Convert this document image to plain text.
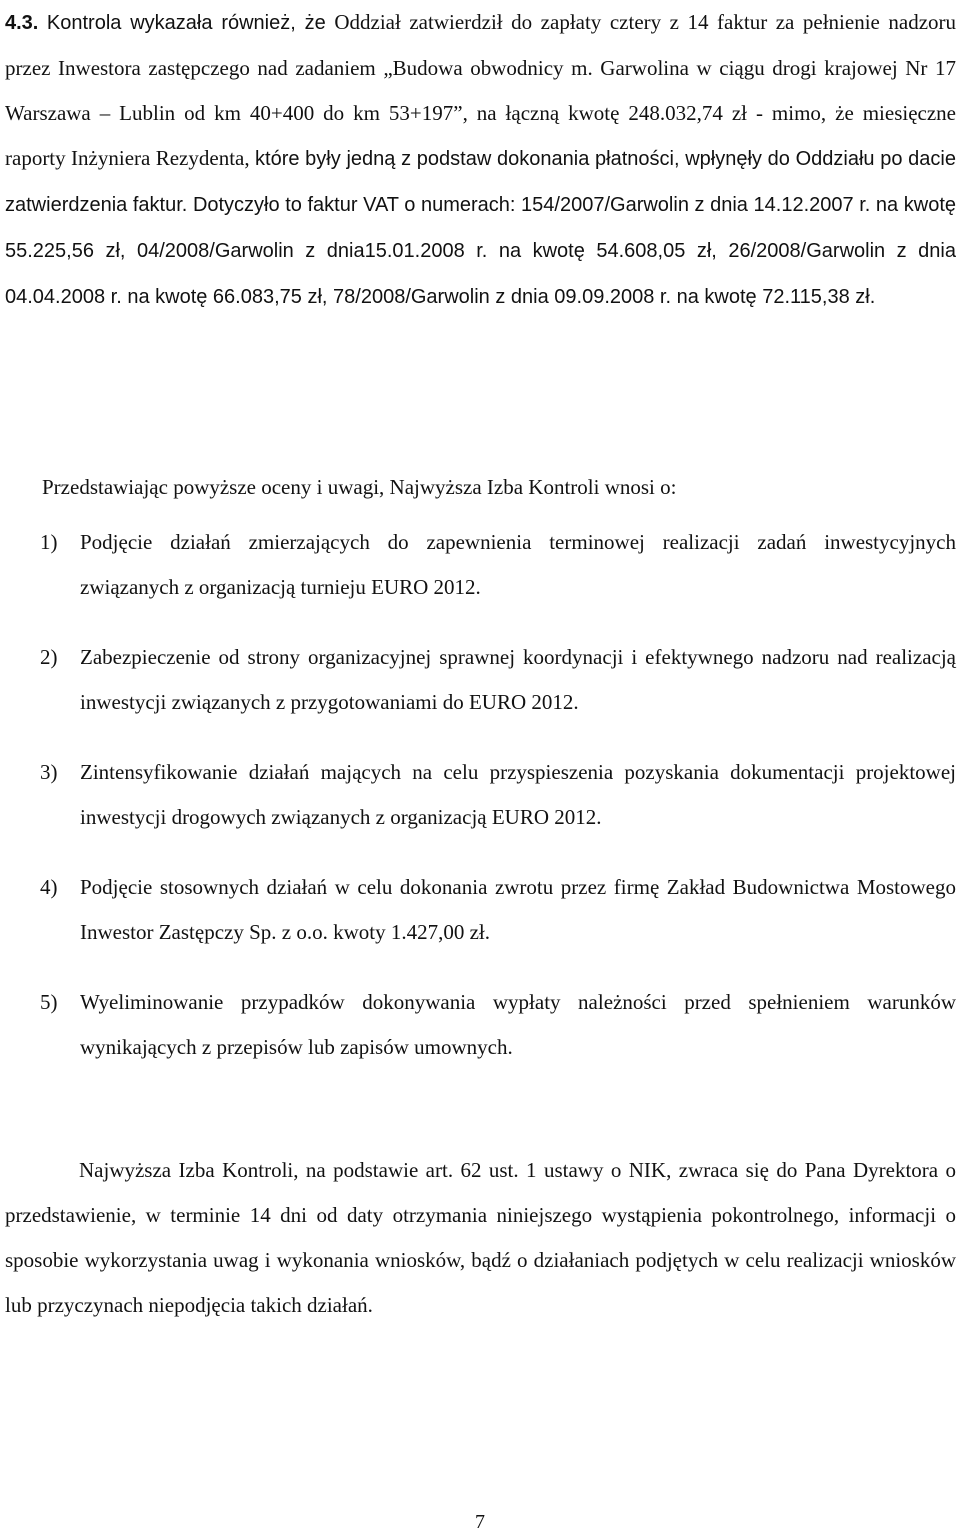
4.3. Kontrola wykazała również, że Oddział zatwierdził do zapłaty cztery z 14 faktur za pełnienie nadzoru przez Inwestora zastępczego nad zadaniem „Budowa obwodnicy m. Garwolina w ciągu drogi krajowej Nr 17 Warszawa – Lublin od km 40+400 do km 53+197”, na łączną kwotę 248.032,74 zł - mimo, że miesięczne raporty Inżyniera Rezydenta, które były jedną z podstaw dokonania płatności, wpłynęły do Oddziału po dacie zatwierdzenia faktur. Dotyczyło to faktur VAT o numerach: 154/2007/Garwolin z dnia 14.12.2007 r. na kwotę 55.225,56 zł, 04/2008/Garwolin z dnia15.01.2008 r. na kwotę 54.608,05 zł, 26/2008/Garwolin z dnia 04.04.2008 r. na kwotę 66.083,75 zł, 78/2008/Garwolin z dnia 09.09.2008 r. na kwotę 72.115,38 zł.

Przedstawiając powyższe oceny i uwagi, Najwyższa Izba Kontroli wnosi o:

1)	Podjęcie działań zmierzających do zapewnienia terminowej realizacji zadań inwestycyjnych związanych z organizacją turnieju EURO 2012.
2)	Zabezpieczenie od strony organizacyjnej sprawnej koordynacji i efektywnego nadzoru nad realizacją inwestycji związanych z przygotowaniami do EURO 2012.
3)	Zintensyfikowanie działań mających na celu przyspieszenia pozyskania dokumentacji projektowej inwestycji drogowych związanych z organizacją EURO 2012.
4)	Podjęcie stosownych działań w celu dokonania zwrotu przez firmę Zakład Budownictwa Mostowego Inwestor Zastępczy Sp. z o.o. kwoty 1.427,00 zł.
5)	Wyeliminowanie przypadków dokonywania wypłaty należności przed spełnieniem warunków wynikających z przepisów lub zapisów umownych.

Najwyższa Izba Kontroli, na podstawie art. 62 ust. 1 ustawy o NIK, zwraca się do Pana Dyrektora o przedstawienie, w terminie 14 dni od daty otrzymania niniejszego wystąpienia pokontrolnego, informacji o sposobie wykorzystania uwag i wykonania wniosków, bądź o działaniach podjętych w celu realizacji wniosków lub przyczynach niepodjęcia takich działań.

7
